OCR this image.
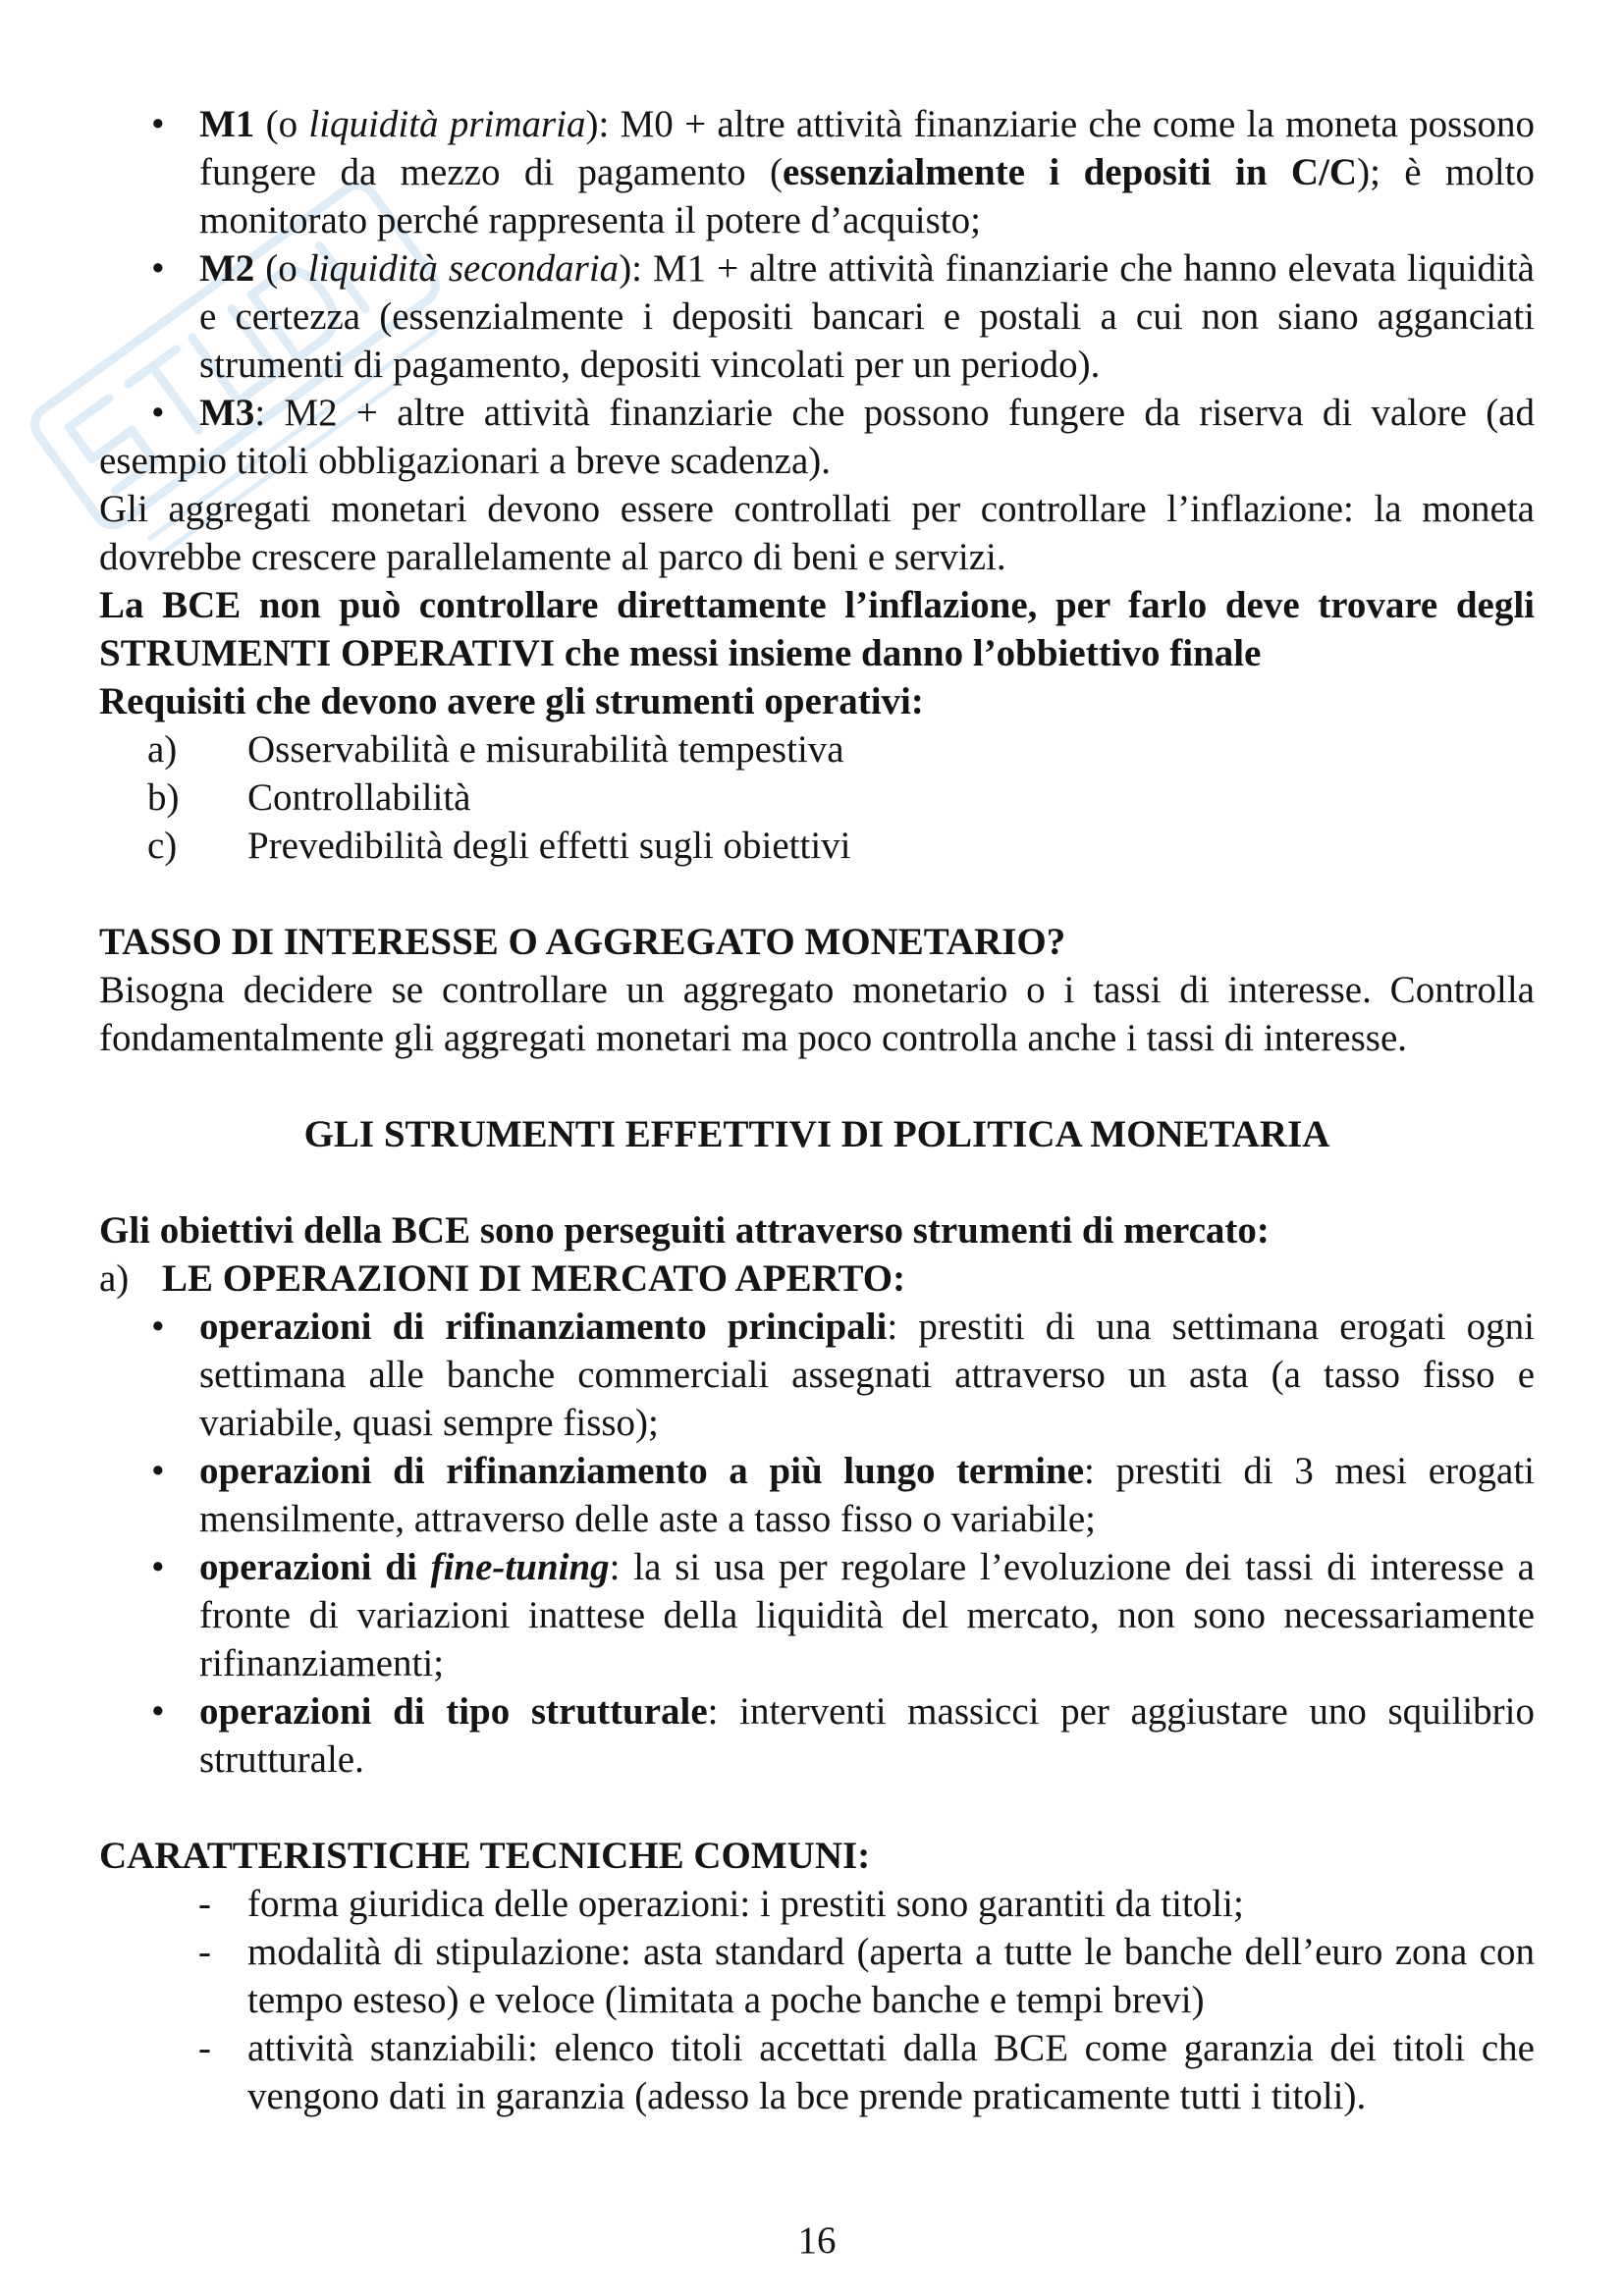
• M1 (o liquidità primaria): M0 + altre attività finanziarie che come la moneta possono
fungere da mezzo di pagamento (essenzialmente i depositi in C/C); è molto
monitorato perché rappresenta il potere d’acquisto;
• M2 (o liquidità secondaria): M1 + altre attività finanziarie che hanno elevata liquidità
e certezza (essenzialmente i depositi bancari e postali a cui non siano agganciati
strumenti di pagamento, depositi vincolati per un periodo).
• M3: M2 + altre attività finanziarie che possono fungere da riserva di valore (ad
esempio titoli obbligazionari a breve scadenza).
Gli aggregati monetari devono essere controllati per controllare l’inflazione: la moneta
dovrebbe crescere parallelamente al parco di beni e servizi.
La BCE non può controllare direttamente l’inflazione, per farlo deve trovare degli
STRUMENTI OPERATIVI che messi insieme danno l’obbiettivo finale
Requisiti che devono avere gli strumenti operativi:
a) Osservabilità e misurabilità tempestiva
b) Controllabilità
c) Prevedibilità degli effetti sugli obiettivi
TASSO DI INTERESSE O AGGREGATO MONETARIO?
Bisogna decidere se controllare un aggregato monetario o i tassi di interesse. Controlla
fondamentalmente gli aggregati monetari ma poco controlla anche i tassi di interesse.
GLI STRUMENTI EFFETTIVI DI POLITICA MONETARIA
Gli obiettivi della BCE sono perseguiti attraverso strumenti di mercato:
a) LE OPERAZIONI DI MERCATO APERTO:
• operazioni di rifinanziamento principali: prestiti di una settimana erogati ogni
settimana alle banche commerciali assegnati attraverso un asta (a tasso fisso e
variabile, quasi sempre fisso);
• operazioni di rifinanziamento a più lungo termine: prestiti di 3 mesi erogati
mensilmente, attraverso delle aste a tasso fisso o variabile;
• operazioni di fine-tuning: la si usa per regolare l’evoluzione dei tassi di interesse a
fronte di variazioni inattese della liquidità del mercato, non sono necessariamente
rifinanziamenti;
• operazioni di tipo strutturale: interventi massicci per aggiustare uno squilibrio
strutturale.
CARATTERISTICHE TECNICHE COMUNI:
- forma giuridica delle operazioni: i prestiti sono garantiti da titoli;
- modalità di stipulazione: asta standard (aperta a tutte le banche dell’euro zona con
tempo esteso) e veloce (limitata a poche banche e tempi brevi)
- attività stanziabili: elenco titoli accettati dalla BCE come garanzia dei titoli che
vengono dati in garanzia (adesso la bce prende praticamente tutti i titoli).
16
